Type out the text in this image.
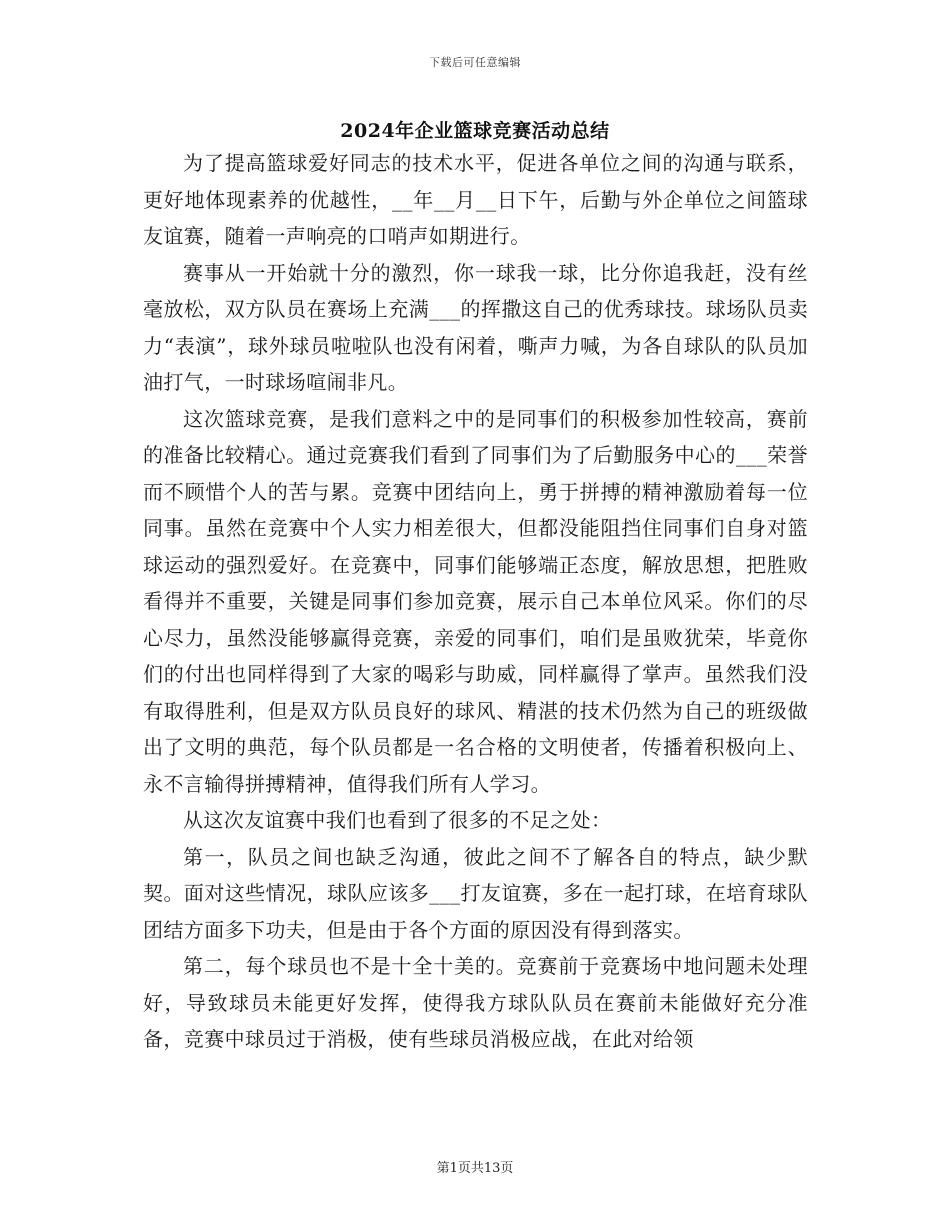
下载后可任意编辑
2024年企业篮球竞赛活动总结

为了提高篮球爱好同志的技术水平，促进各单位之间的沟通与联系，更好地体现素养的优越性，__年__月__日下午，后勤与外企单位之间篮球友谊赛，随着一声响亮的口哨声如期进行。

赛事从一开始就十分的激烈，你一球我一球，比分你追我赶，没有丝毫放松，双方队员在赛场上充满___的挥撒这自己的优秀球技。球场队员卖力“表演”，球外球员啦啦队也没有闲着，嘶声力喊，为各自球队的队员加油打气，一时球场喧闹非凡。

这次篮球竞赛，是我们意料之中的是同事们的积极参加性较高，赛前的准备比较精心。通过竞赛我们看到了同事们为了后勤服务中心的___荣誉而不顾惜个人的苦与累。竞赛中团结向上，勇于拼搏的精神激励着每一位同事。虽然在竞赛中个人实力相差很大，但都没能阻挡住同事们自身对篮球运动的强烈爱好。在竞赛中，同事们能够端正态度，解放思想，把胜败看得并不重要，关键是同事们参加竞赛，展示自己本单位风采。你们的尽心尽力，虽然没能够赢得竞赛，亲爱的同事们，咱们是虽败犹荣，毕竟你们的付出也同样得到了大家的喝彩与助威，同样赢得了掌声。虽然我们没有取得胜利，但是双方队员良好的球风、精湛的技术仍然为自己的班级做出了文明的典范，每个队员都是一名合格的文明使者，传播着积极向上、永不言输得拼搏精神，值得我们所有人学习。

从这次友谊赛中我们也看到了很多的不足之处：

第一，队员之间也缺乏沟通，彼此之间不了解各自的特点，缺少默契。面对这些情况，球队应该多___打友谊赛，多在一起打球，在培育球队团结方面多下功夫，但是由于各个方面的原因没有得到落实。

第二，每个球员也不是十全十美的。竞赛前于竞赛场中地问题未处理好，导致球员未能更好发挥，使得我方球队队员在赛前未能做好充分准备，竞赛中球员过于消极，使有些球员消极应战，在此对给领

第1页共13页
